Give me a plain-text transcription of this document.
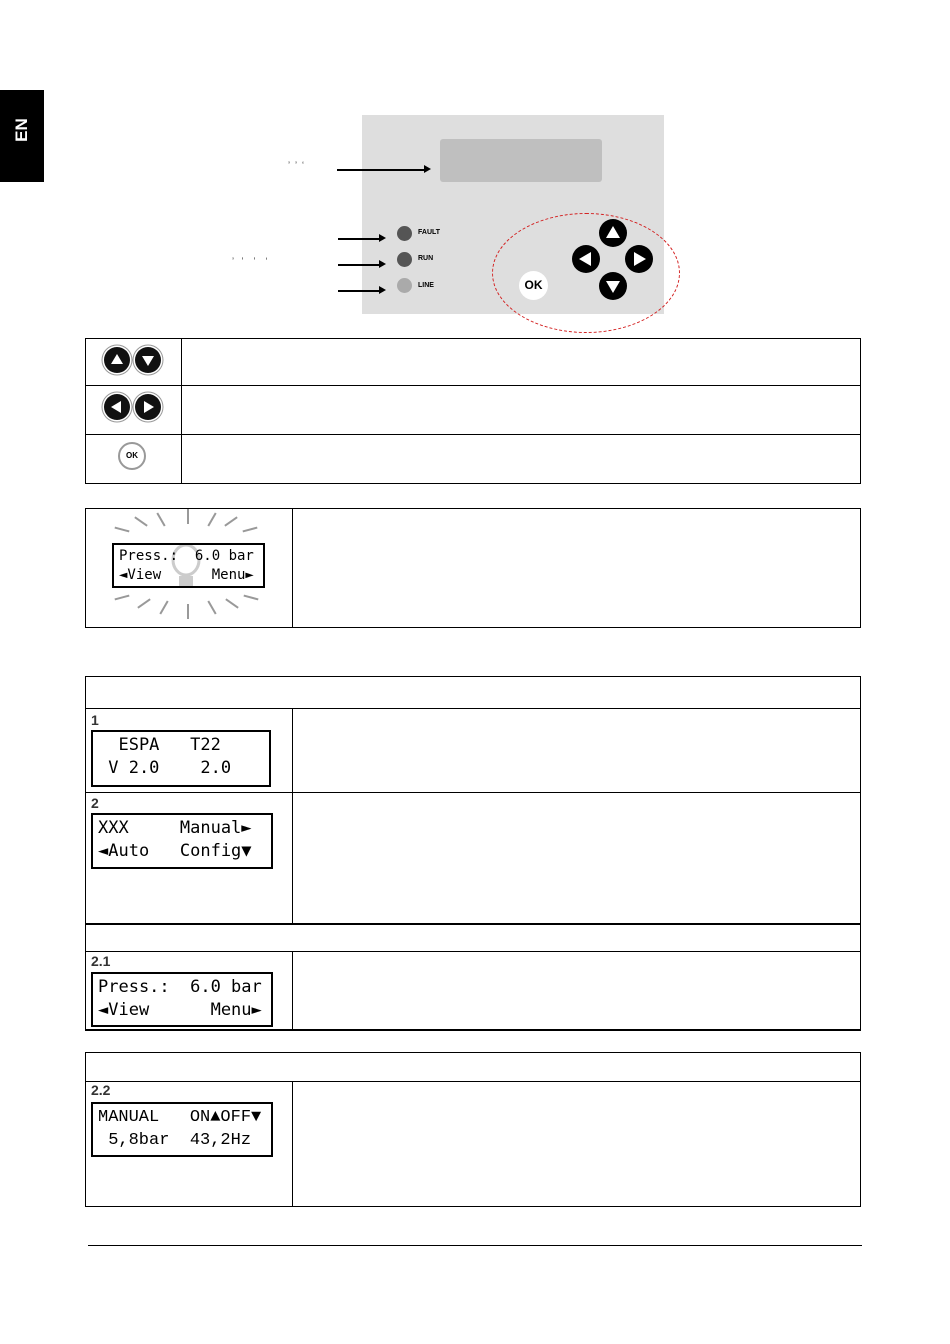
EN
’  ’  ‘
’   ’    ’    ‘
FAULT
RUN
LINE	OK
OK
Press.:  6.0 bar
◄View      Menu►
1
ESPA   T22
V 2.0    2.0
2
XXX     Manual►
◄Auto   Config▼
2.1
Press.:  6.0 bar
◄View      Menu►
2.2
MANUAL   ON▲OFF▼
5,8bar  43,2Hz
